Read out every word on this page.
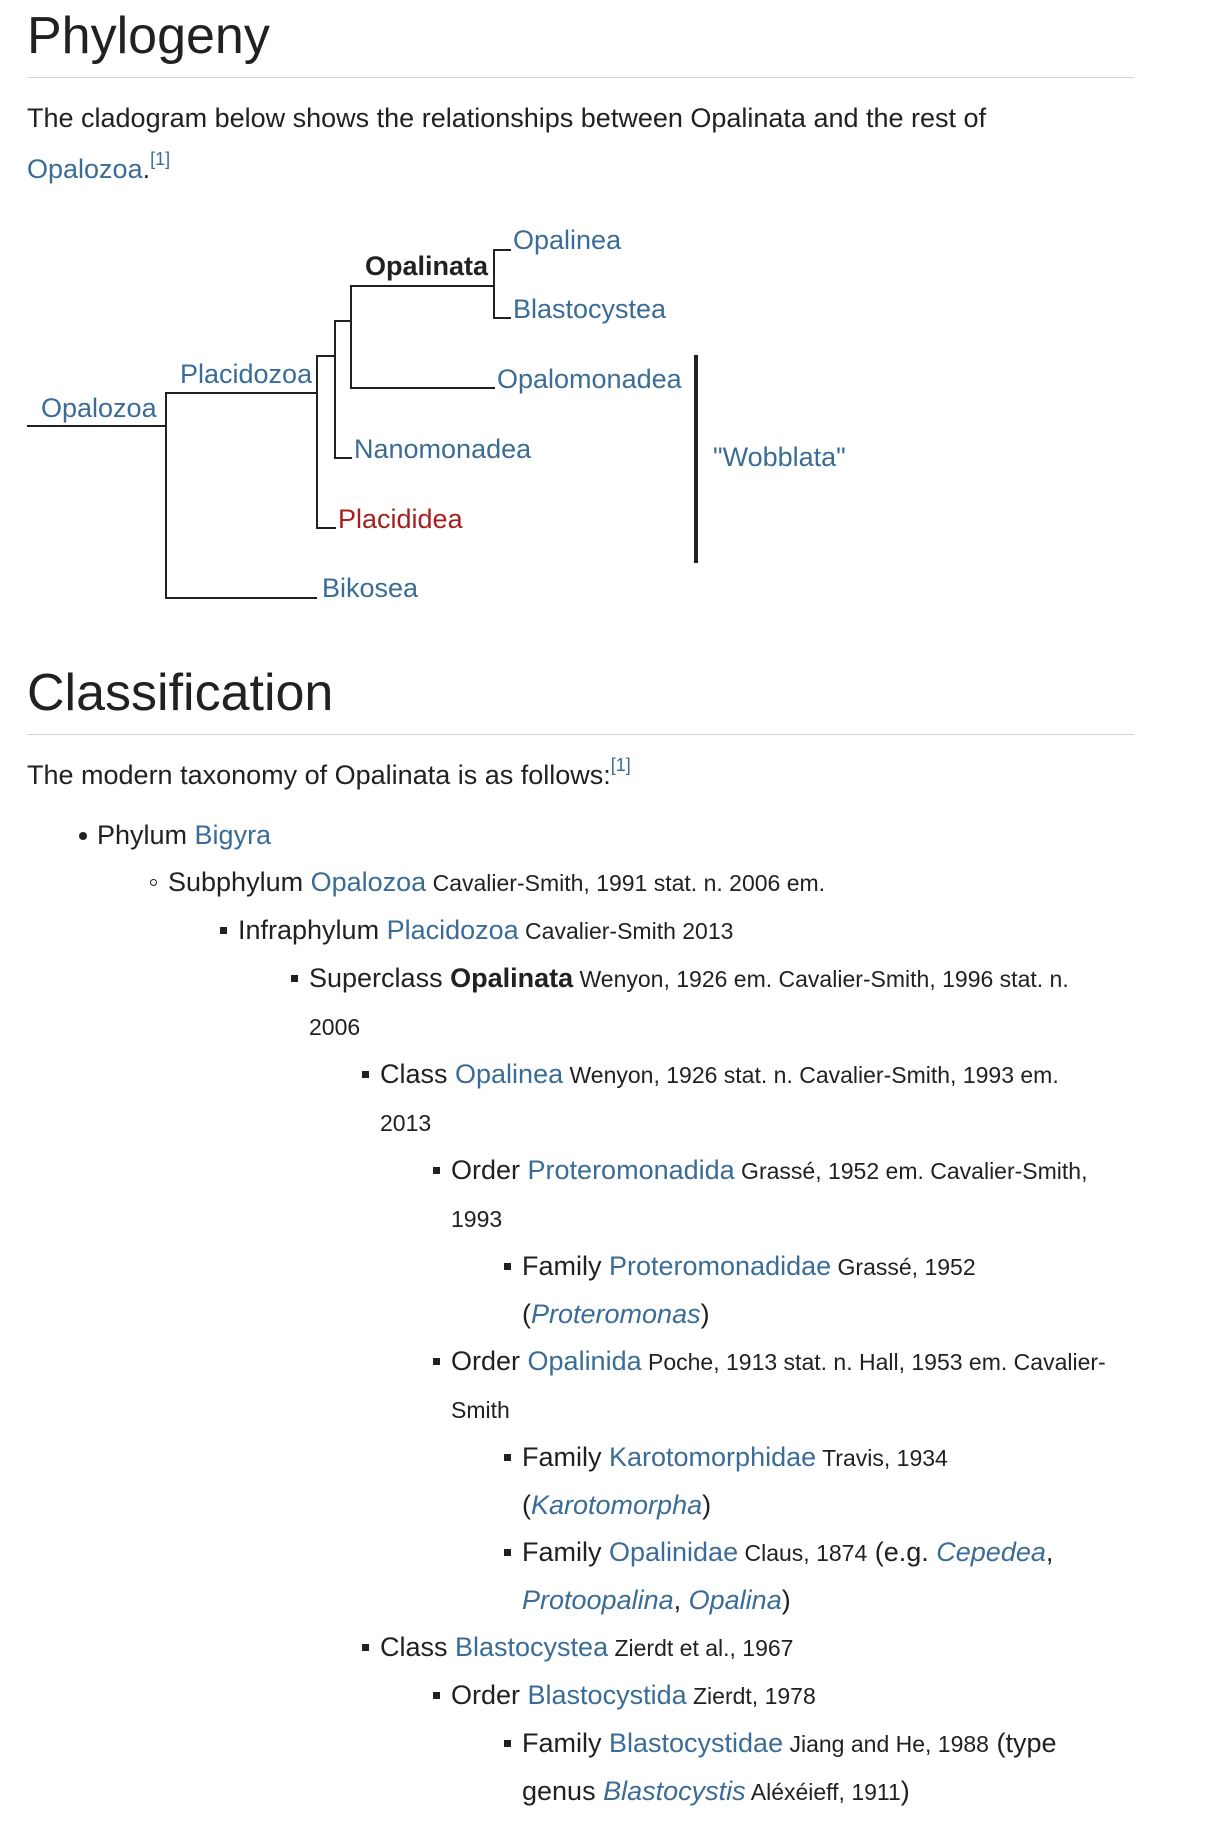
Phylogeny

The cladogram below shows the relationships between Opalinata and the rest of Opalozoa.[1]

Opalinea
Opalinata
Blastocystea
Opalomonadea
Placidozoa
Opalozoa
Nanomonadea
Placididea
Bikosea
"Wobblata"
Classification

The modern taxonomy of Opalinata is as follows:[1]

Phylum Bigyra
Subphylum Opalozoa Cavalier-Smith, 1991 stat. n. 2006 em.
Infraphylum Placidozoa Cavalier-Smith 2013
Superclass Opalinata Wenyon, 1926 em. Cavalier-Smith, 1996 stat. n. 2006
Class Opalinea Wenyon, 1926 stat. n. Cavalier-Smith, 1993 em. 2013
Order Proteromonadida Grassé, 1952 em. Cavalier-Smith, 1993
Family Proteromonadidae Grassé, 1952 (Proteromonas)
Order Opalinida Poche, 1913 stat. n. Hall, 1953 em. Cavalier-Smith
Family Karotomorphidae Travis, 1934 (Karotomorpha)
Family Opalinidae Claus, 1874 (e.g. Cepedea, Protoopalina, Opalina)
Class Blastocystea Zierdt et al., 1967
Order Blastocystida Zierdt, 1978
Family Blastocystidae Jiang and He, 1988 (type genus Blastocystis Aléxéieff, 1911)
